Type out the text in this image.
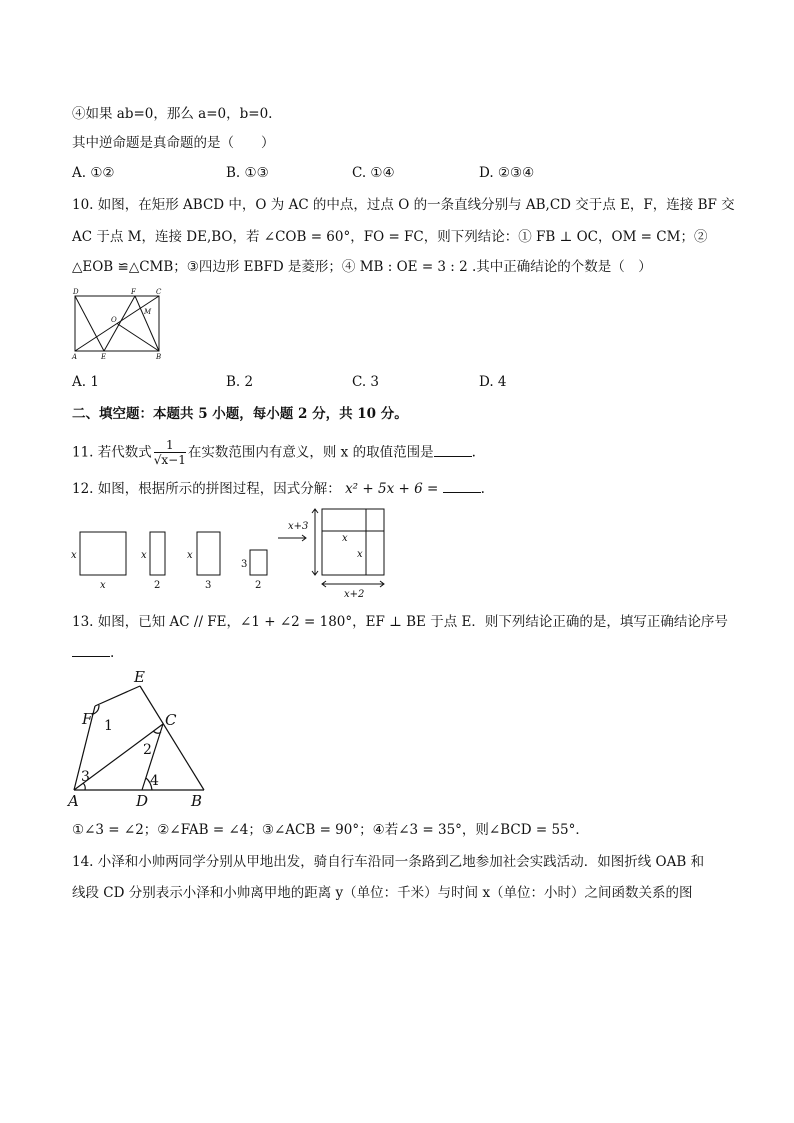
④如果 ab=0，那么 a=0，b=0.
其中逆命题是真命题的是（　　）
A. ①②	B. ①③	C. ①④	D. ②③④
10. 如图，在矩形 ABCD 中，O 为 AC 的中点，过点 O 的一条直线分别与 AB,CD 交于点 E，F，连接 BF 交
AC 于点 M，连接 DE,BO，若 ∠COB = 60°，FO = FC，则下列结论：① FB ⊥ OC，OM = CM；②
△EOB ≌△CMB；③四边形 EBFD 是菱形；④ MB : OE = 3 : 2 .其中正确结论的个数是（　）
D	F	C
O
M
A	E	B
A. 1	B. 2	C. 3	D. 4
二、填空题：本题共 5 小题，每小题 2 分，共 10 分。
11. 若代数式 $\frac{1}{√x-1}$ 在实数范围内有意义，则 x 的取值范围是	.
12. 如图，根据所示的拼图过程，因式分解： x² + 5x + 6 =	.
x
x
x
2
x
3
3
2
x+3
x
x
x+2
13. 如图，已知 AC // FE，∠1 + ∠2 = 180°，EF ⊥ BE 于点 E．则下列结论正确的是，填写正确结论序号
.
E
F	C
A	D	B
1
2
3	4
①∠3 = ∠2；②∠FAB = ∠4；③∠ACB = 90°；④若∠3 = 35°，则∠BCD = 55°．
14. 小泽和小帅两同学分别从甲地出发，骑自行车沿同一条路到乙地参加社会实践活动．如图折线 OAB 和
线段 CD 分别表示小泽和小帅离甲地的距离 y（单位：千米）与时间 x（单位：小时）之间函数关系的图
